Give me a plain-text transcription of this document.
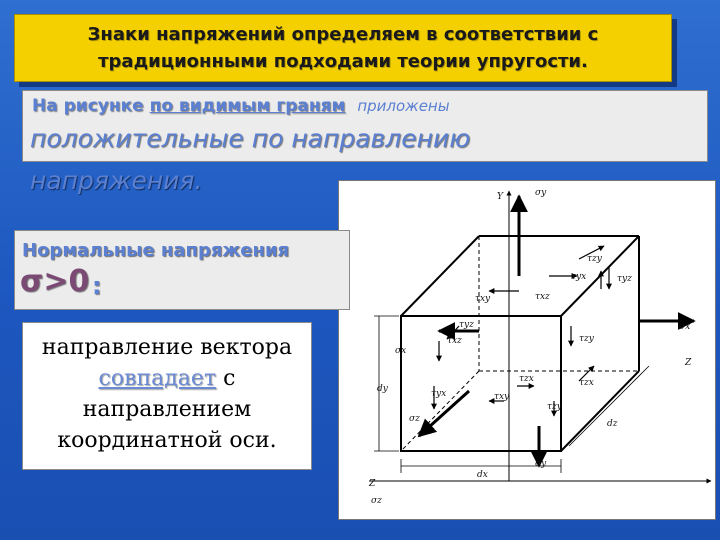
Знаки напряжений определяем в соответствии с
традиционными подходами теории упругости.
На рисунке по видимым граням приложены
положительные по направлению
напряжения.
Y	σy
τzy
τyx	τyz
τxy	τxz
σx
Z
τyz
τxz
σx
τzy
dy
τzx	τzx
τyx	τxy
τzy
σz	dz
σy
dx
Z
σz
Нормальные напряжения
σ>0 :
направление вектора
совпадает с
направлением
координатной оси.
